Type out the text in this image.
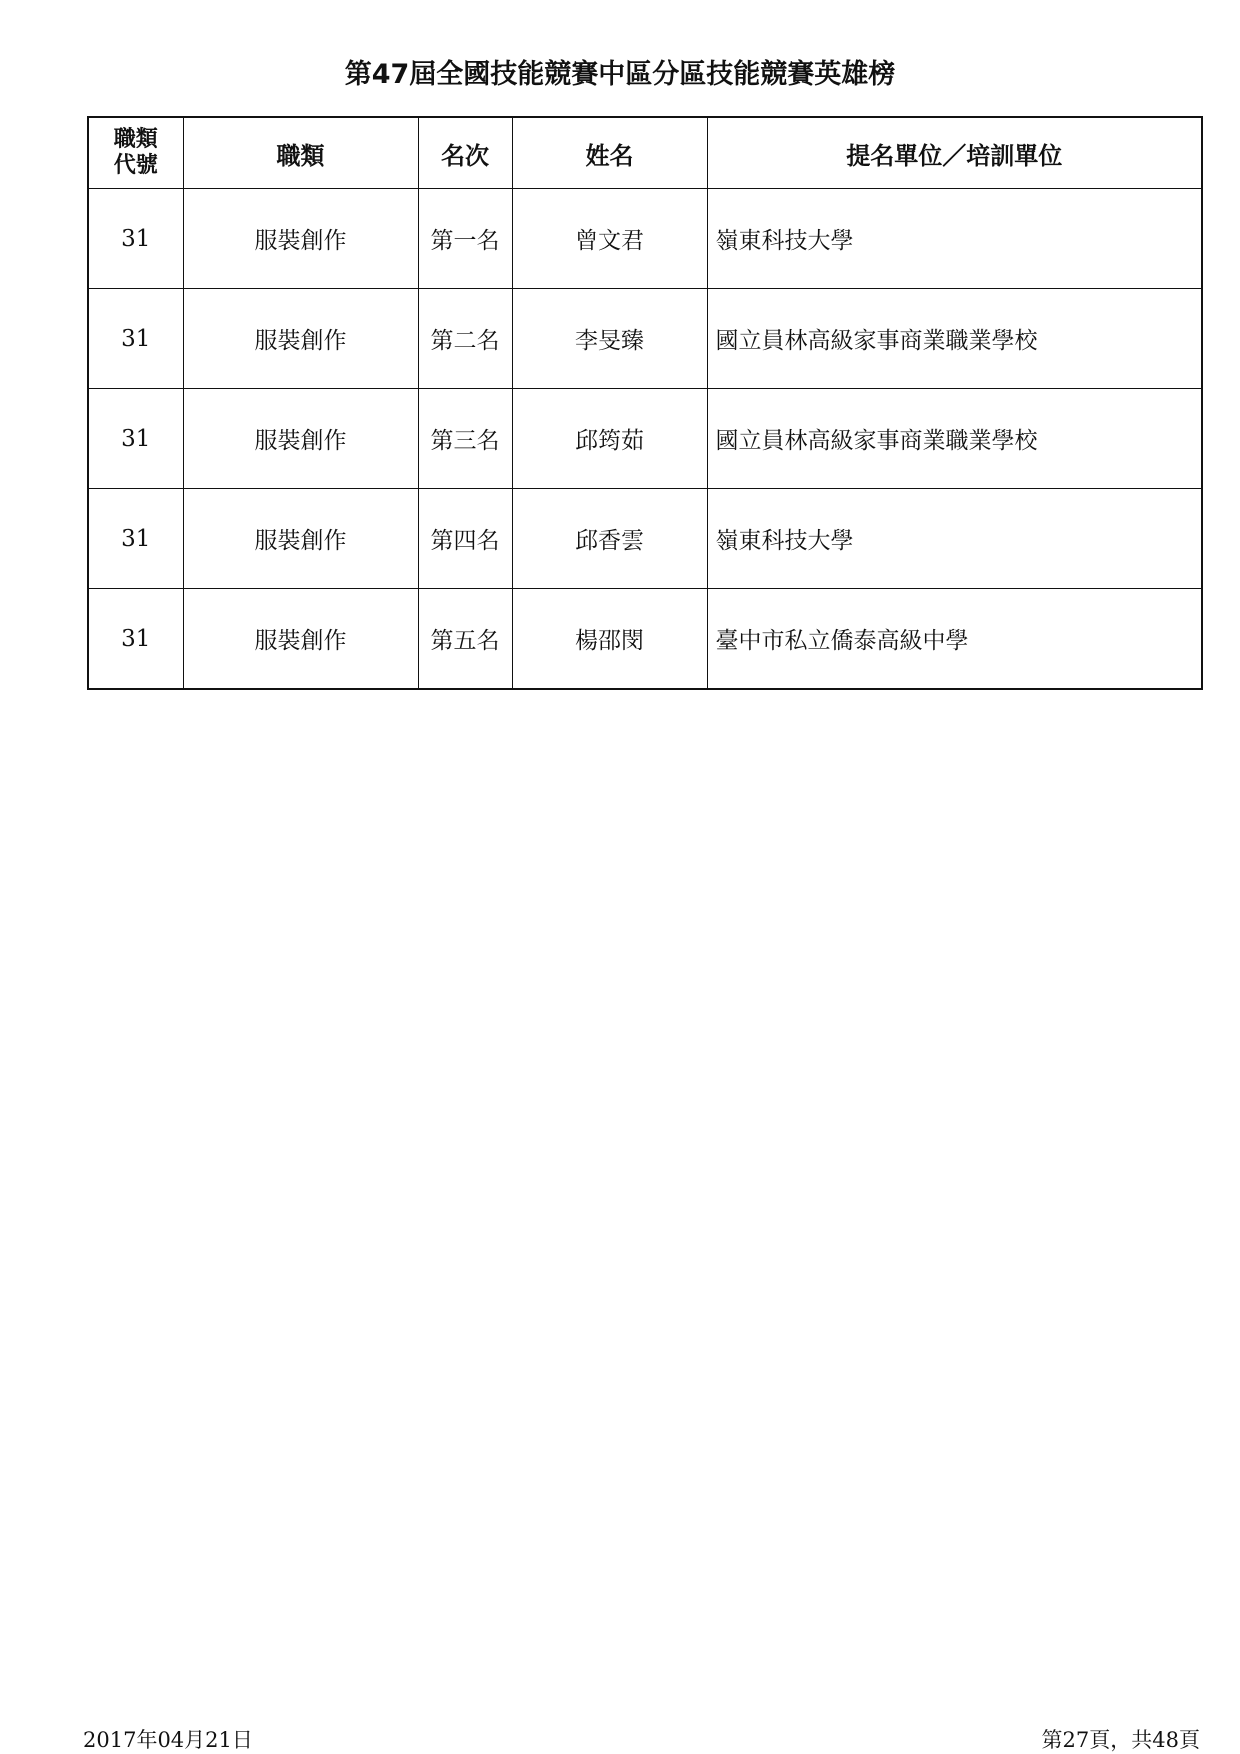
第47屆全國技能競賽中區分區技能競賽英雄榜
職類
代號	職類	名次	姓名	提名單位／培訓單位
31	服裝創作	第一名	曾文君	嶺東科技大學
31	服裝創作	第二名	李旻臻	國立員林高級家事商業職業學校
31	服裝創作	第三名	邱筠茹	國立員林高級家事商業職業學校
31	服裝創作	第四名	邱香雲	嶺東科技大學
31	服裝創作	第五名	楊邵閔	臺中市私立僑泰高級中學
2017年04月21日	第27頁，共48頁
